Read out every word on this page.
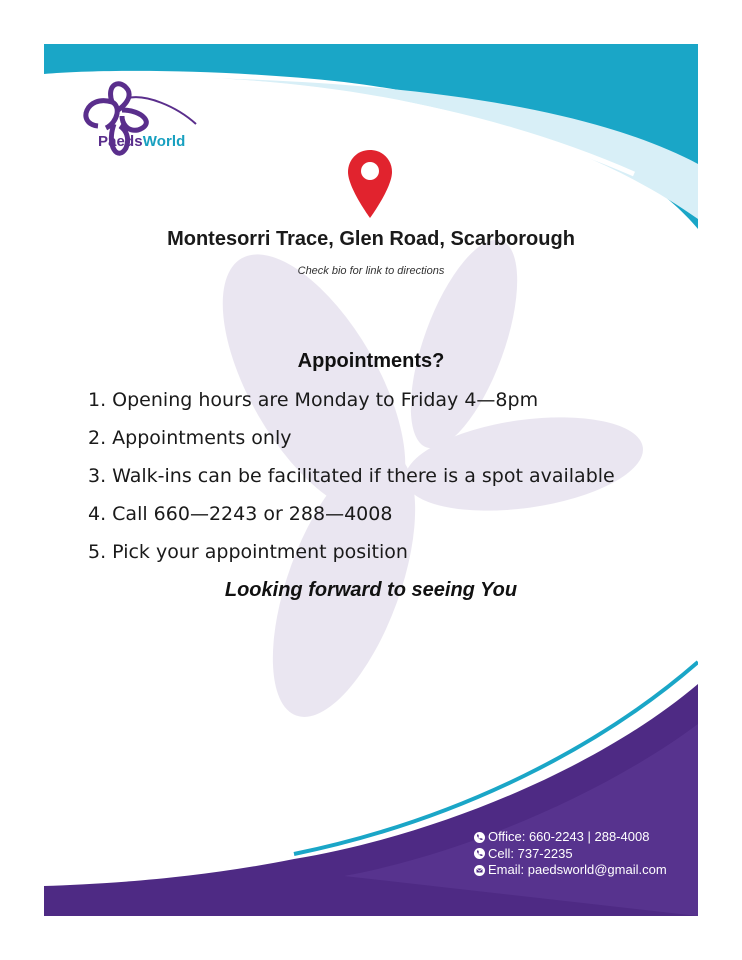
PaedsWorld
Montesorri Trace, Glen Road, Scarborough
Check bio for link to directions
Appointments?
1. Opening hours are Monday to Friday 4—8pm
2. Appointments only
3. Walk-ins can be facilitated if there is a spot available
4. Call 660—2243 or 288—4008
5. Pick your appointment position
Looking forward to seeing You
Office: 660-2243 | 288-4008
Cell: 737-2235
Email: paedsworld@gmail.com
